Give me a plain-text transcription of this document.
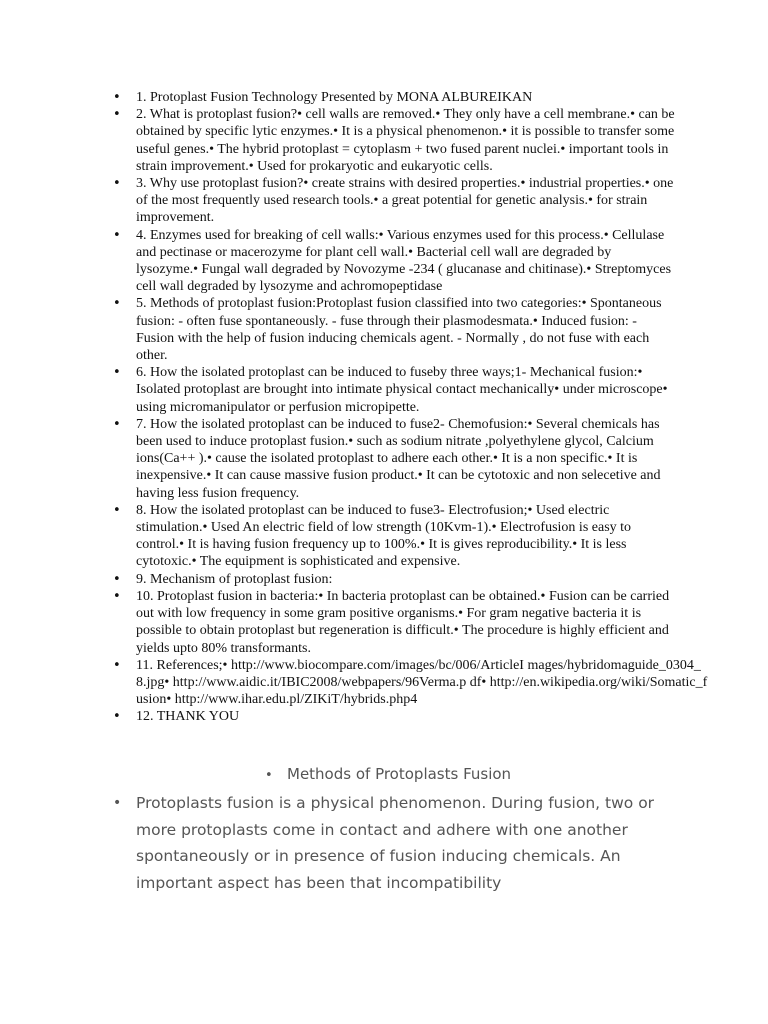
• 1. Protoplast Fusion Technology Presented by MONA ALBUREIKAN
• 2. What is protoplast fusion?• cell walls are removed.• They only have a cell membrane.• can be obtained by specific lytic enzymes.• It is a physical phenomenon.• it is possible to transfer some useful genes.• The hybrid protoplast = cytoplasm + two fused parent nuclei.• important tools in strain improvement.• Used for prokaryotic and eukaryotic cells.
• 3. Why use protoplast fusion?• create strains with desired properties.• industrial properties.• one of the most frequently used research tools.• a great potential for genetic analysis.• for strain improvement.
• 4. Enzymes used for breaking of cell walls:• Various enzymes used for this process.• Cellulase and pectinase or macerozyme for plant cell wall.• Bacterial cell wall are degraded by lysozyme.• Fungal wall degraded by Novozyme -234 ( glucanase and chitinase).• Streptomyces cell wall degraded by lysozyme and achromopeptidase
• 5. Methods of protoplast fusion:Protoplast fusion classified into two categories:• Spontaneous fusion: - often fuse spontaneously. - fuse through their plasmodesmata.• Induced fusion: - Fusion with the help of fusion inducing chemicals agent. - Normally , do not fuse with each other.
• 6. How the isolated protoplast can be induced to fuseby three ways;1- Mechanical fusion:• Isolated protoplast are brought into intimate physical contact mechanically• under microscope• using micromanipulator or perfusion micropipette.
• 7. How the isolated protoplast can be induced to fuse2- Chemofusion:• Several chemicals has been used to induce protoplast fusion.• such as sodium nitrate ,polyethylene glycol, Calcium ions(Ca++ ).• cause the isolated protoplast to adhere each other.• It is a non specific.• It is inexpensive.• It can cause massive fusion product.• It can be cytotoxic and non selecetive and having less fusion frequency.
• 8. How the isolated protoplast can be induced to fuse3- Electrofusion;• Used electric stimulation.• Used An electric field of low strength (10Kvm-1).• Electrofusion is easy to control.• It is having fusion frequency up to 100%.• It is gives reproducibility.• It is less cytotoxic.• The equipment is sophisticated and expensive.
• 9. Mechanism of protoplast fusion:
• 10. Protoplast fusion in bacteria:• In bacteria protoplast can be obtained.• Fusion can be carried out with low frequency in some gram positive organisms.• For gram negative bacteria it is possible to obtain protoplast but regeneration is difficult.• The procedure is highly efficient and yields upto 80% transformants.
• 11. References;• http://www.biocompare.com/images/bc/006/ArticleI mages/hybridomaguide_0304_8.jpg• http://www.aidic.it/IBIC2008/webpapers/96Verma.p df• http://en.wikipedia.org/wiki/Somatic_fusion• http://www.ihar.edu.pl/ZIKiT/hybrids.php4
• 12. THANK YOU
• Methods of Protoplasts Fusion
• Protoplasts fusion is a physical phenomenon. During fusion, two or more protoplasts come in contact and adhere with one another spontaneously or in presence of fusion inducing chemicals. An important aspect has been that incompatibility
